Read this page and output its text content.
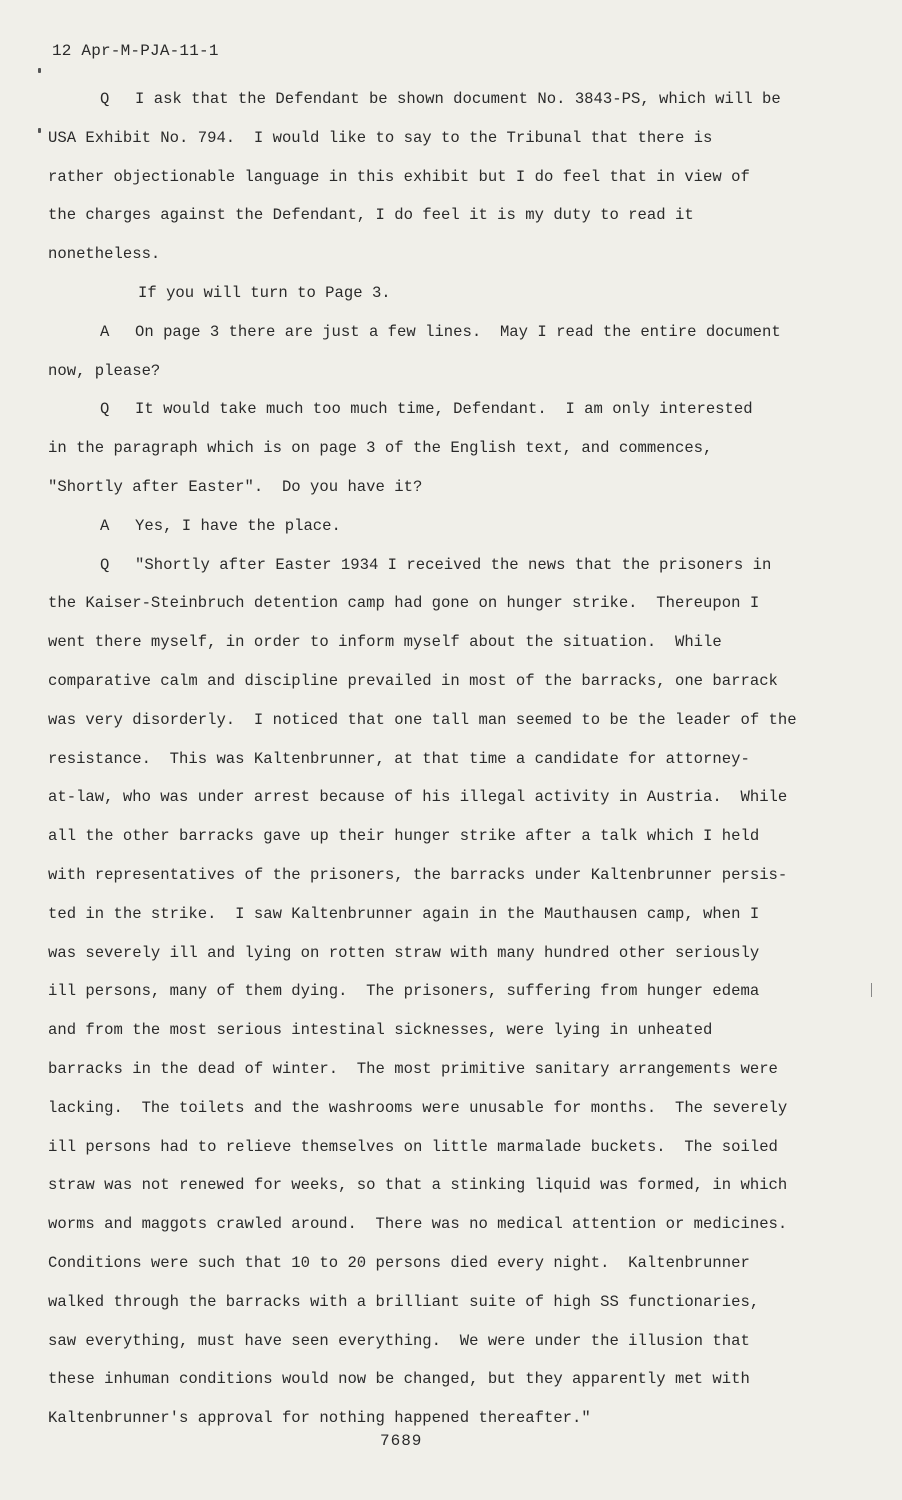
12 Apr-M-PJA-11-1
Q I ask that the Defendant be shown document No. 3843-PS, which will be
USA Exhibit No. 794.  I would like to say to the Tribunal that there is
rather objectionable language in this exhibit but I do feel that in view of
the charges against the Defendant, I do feel it is my duty to read it
nonetheless.
If you will turn to Page 3.
A On page 3 there are just a few lines.  May I read the entire document
now, please?
Q It would take much too much time, Defendant.  I am only interested
in the paragraph which is on page 3 of the English text, and commences,
"Shortly after Easter".  Do you have it?
A Yes, I have the place.
Q "Shortly after Easter 1934 I received the news that the prisoners in
the Kaiser-Steinbruch detention camp had gone on hunger strike.  Thereupon I
went there myself, in order to inform myself about the situation.  While
comparative calm and discipline prevailed in most of the barracks, one barrack
was very disorderly.  I noticed that one tall man seemed to be the leader of the
resistance.  This was Kaltenbrunner, at that time a candidate for attorney-
at-law, who was under arrest because of his illegal activity in Austria.  While
all the other barracks gave up their hunger strike after a talk which I held
with representatives of the prisoners, the barracks under Kaltenbrunner persis-
ted in the strike.  I saw Kaltenbrunner again in the Mauthausen camp, when I
was severely ill and lying on rotten straw with many hundred other seriously
ill persons, many of them dying.  The prisoners, suffering from hunger edema
and from the most serious intestinal sicknesses, were lying in unheated
barracks in the dead of winter.  The most primitive sanitary arrangements were
lacking.  The toilets and the washrooms were unusable for months.  The severely
ill persons had to relieve themselves on little marmalade buckets.  The soiled
straw was not renewed for weeks, so that a stinking liquid was formed, in which
worms and maggots crawled around.  There was no medical attention or medicines.
Conditions were such that 10 to 20 persons died every night.  Kaltenbrunner
walked through the barracks with a brilliant suite of high SS functionaries,
saw everything, must have seen everything.  We were under the illusion that
these inhuman conditions would now be changed, but they apparently met with
Kaltenbrunner's approval for nothing happened thereafter."
7689
